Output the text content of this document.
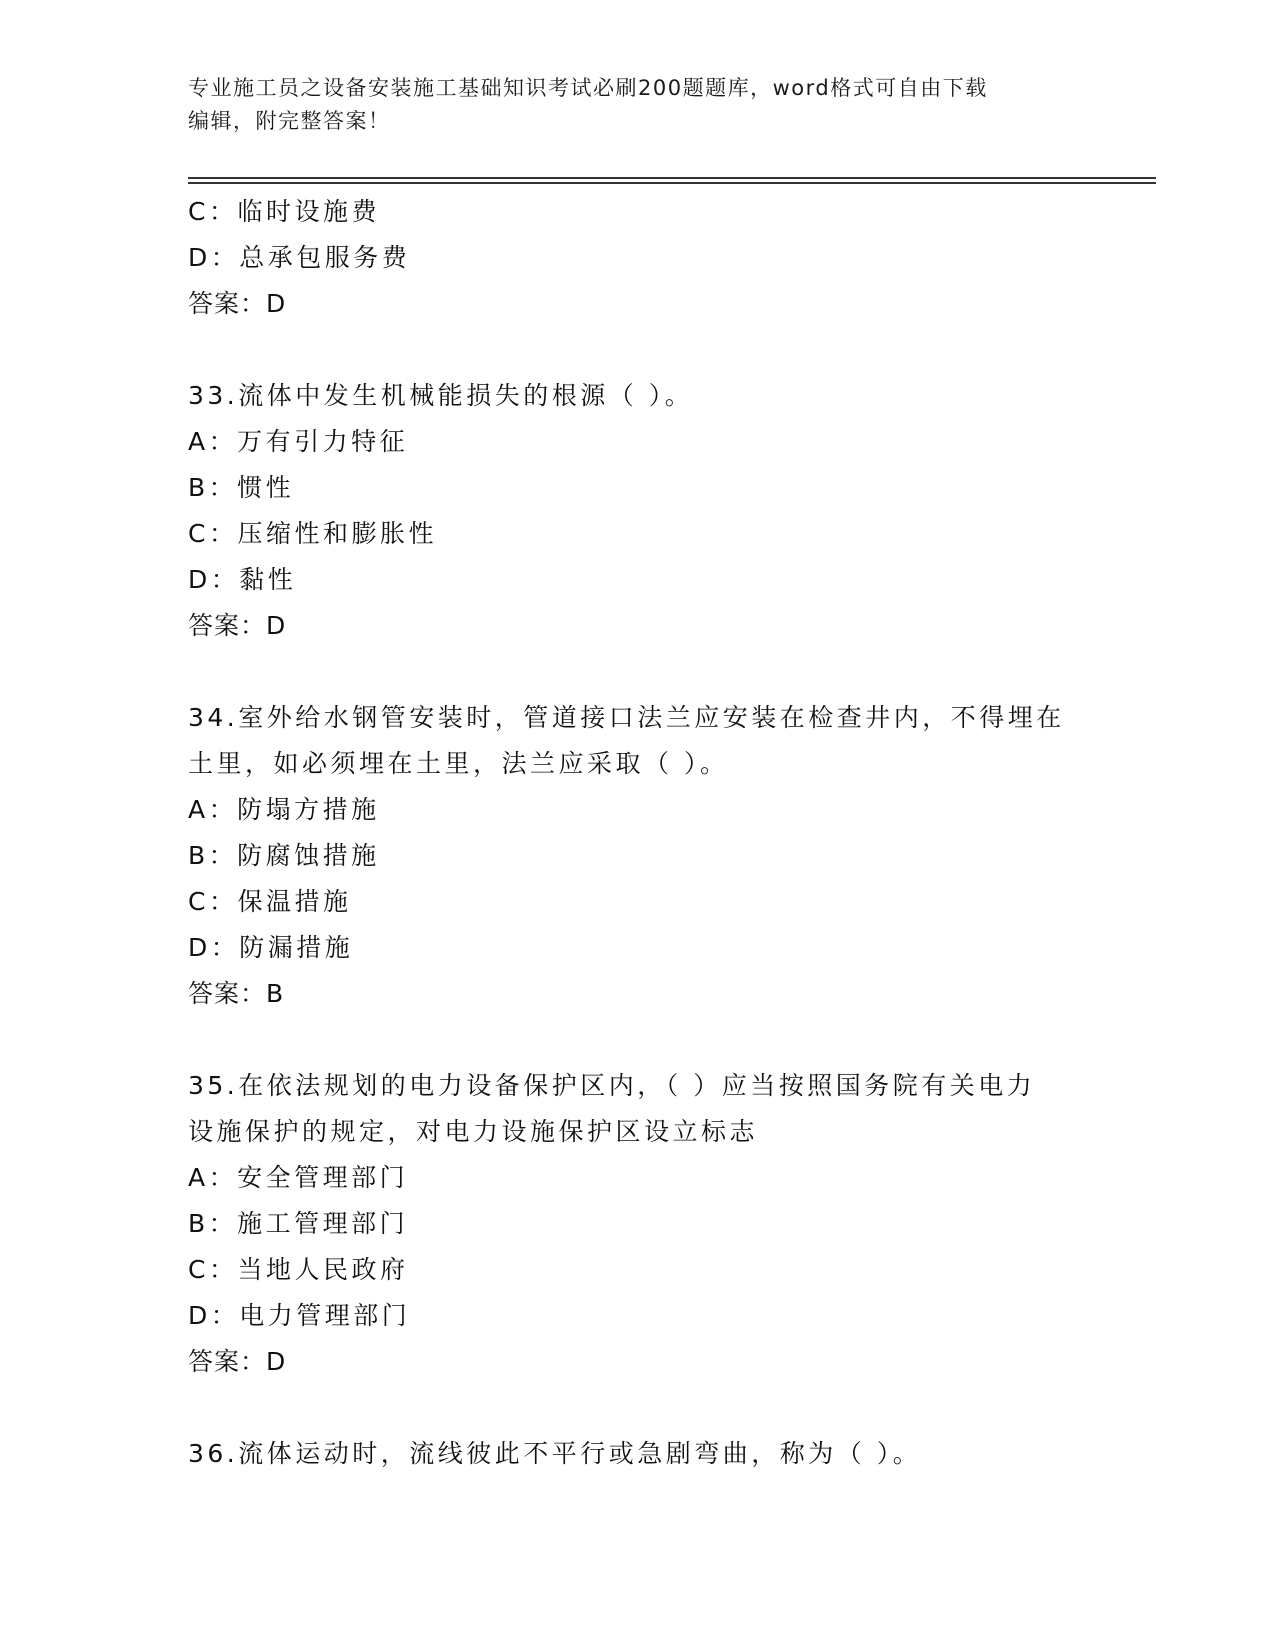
专业施工员之设备安装施工基础知识考试必刷200题题库，word格式可自由下载
编辑，附完整答案！
C：临时设施费
D：总承包服务费
答案：D
33.流体中发生机械能损失的根源（ ）。
A：万有引力特征
B：惯性
C：压缩性和膨胀性
D：黏性
答案：D
34.室外给水钢管安装时，管道接口法兰应安装在检查井内，不得埋在
土里，如必须埋在土里，法兰应采取（ ）。
A：防塌方措施
B：防腐蚀措施
C：保温措施
D：防漏措施
答案：B
35.在依法规划的电力设备保护区内，（ ）应当按照国务院有关电力
设施保护的规定，对电力设施保护区设立标志
A：安全管理部门
B：施工管理部门
C：当地人民政府
D：电力管理部门
答案：D
36.流体运动时，流线彼此不平行或急剧弯曲，称为（ ）。
